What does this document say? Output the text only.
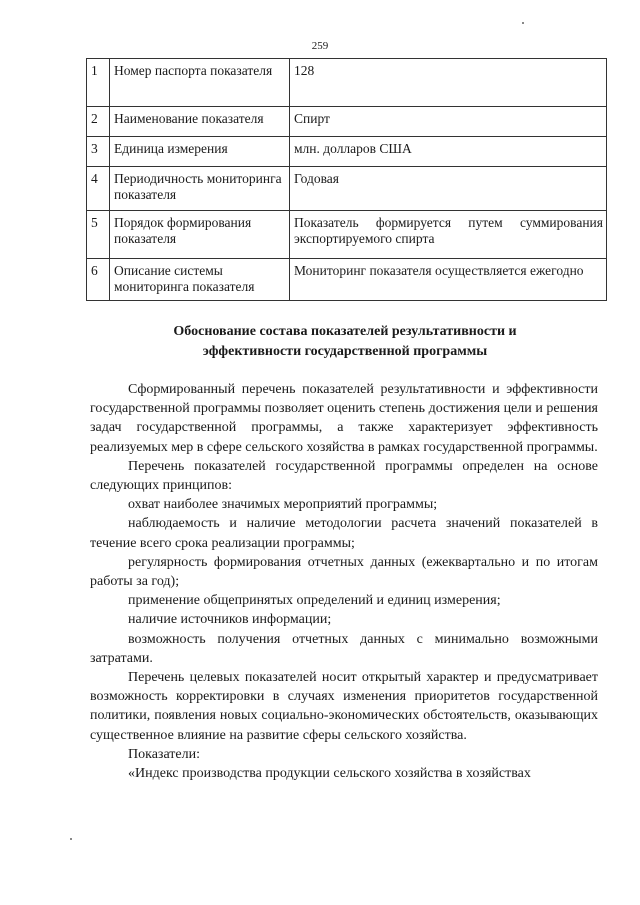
259
1	Номер паспорта показателя	128
2	Наименование показателя	Спирт
3	Единица измерения	млн. долларов США
4	Периодичность мониторинга показателя	Годовая
5	Порядок формирования показателя	Показатель формируется путем суммирования экспортируемого спирта
6	Описание системы мониторинга показателя	Мониторинг показателя осуществляется ежегодно
Обоснование состава показателей результативности и
эффективности государственной программы

Сформированный перечень показателей результативности и эффективности государственной программы позволяет оценить степень достижения цели и решения задач государственной программы, а также характеризует эффективность реализуемых мер в сфере сельского хозяйства в рамках государственной программы.

Перечень показателей государственной программы определен на основе следующих принципов:

охват наиболее значимых мероприятий программы;

наблюдаемость и наличие методологии расчета значений показателей в течение всего срока реализации программы;

регулярность формирования отчетных данных (ежеквартально и по итогам работы за год);

применение общепринятых определений и единиц измерения;

наличие источников информации;

возможность получения отчетных данных с минимально возможными затратами.

Перечень целевых показателей носит открытый характер и предусматривает возможность корректировки в случаях изменения приоритетов государственной политики, появления новых социально-экономических обстоятельств, оказывающих существенное влияние на развитие сферы сельского хозяйства.

Показатели:

«Индекс производства продукции сельского хозяйства в хозяйствах
